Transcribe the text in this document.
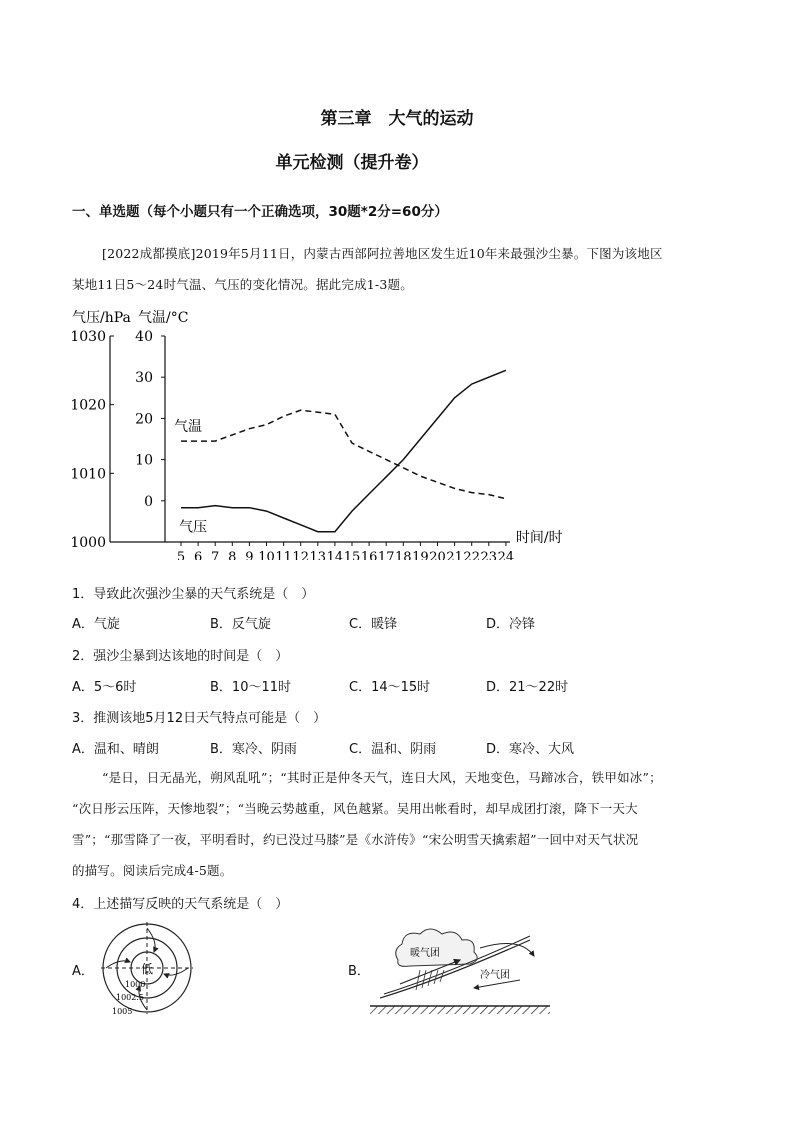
第三章　大气的运动
单元检测（提升卷）
一、单选题（每个小题只有一个正确选项，30题*2分=60分）
[2022成都摸底]2019年5月11日，内蒙古西部阿拉善地区发生近10年来最强沙尘暴。下图为该地区
某地11日5～24时气温、气压的变化情况。据此完成1-3题。
气压/hPa 气温/°C
时间/时
1030
1020
1010
1000
40
30
20
10
0
5 6 7 8 9 10 11 12 13 14 15 16 17 18 19 20 21 22 23 24
气温
气压
1．导致此次强沙尘暴的天气系统是（　）
A．气旋	B．反气旋	C．暖锋	D．冷锋
2．强沙尘暴到达该地的时间是（　）
A．5～6时	B．10～11时	C．14～15时	D．21～22时
3．推测该地5月12日天气特点可能是（　）
A．温和、晴朗	B．寒冷、阴雨	C．温和、阴雨	D．寒冷、大风
“是日，日无晶光，朔风乱吼”；“其时正是仲冬天气，连日大风，天地变色，马蹄冰合，铁甲如冰”；
“次日彤云压阵，天惨地裂”；“当晚云势越重，风色越紧。吴用出帐看时，却早成团打滚，降下一天大
雪”；“那雪降了一夜，平明看时，约已没过马膝”是《水浒传》“宋公明雪天擒索超”一回中对天气状况
的描写。阅读后完成4-5题。
4．上述描写反映的天气系统是（　）
A．	低
1000
1002.5
1005
B．
暖气团
冷气团
